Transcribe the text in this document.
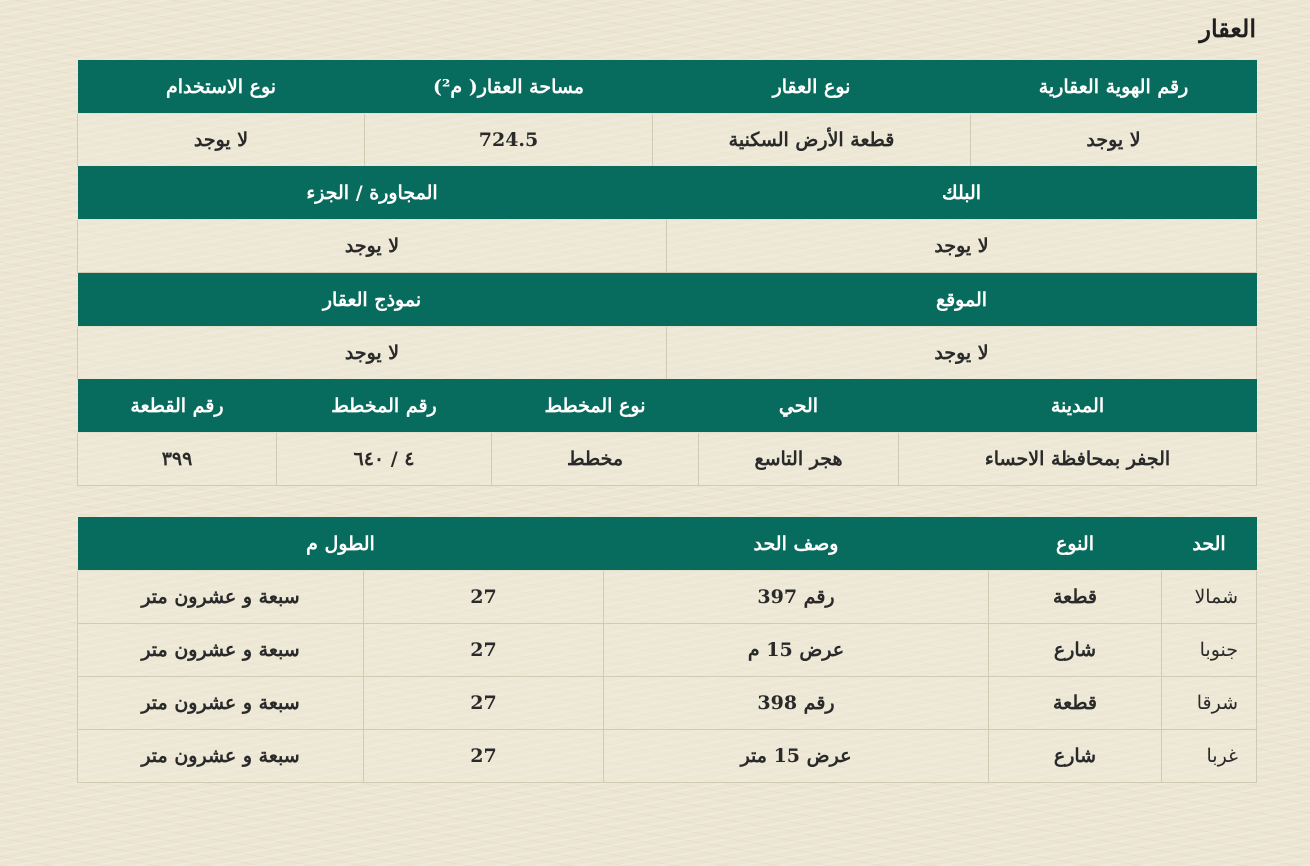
العقار
رقم الهوية العقارية	نوع العقار	مساحة العقار( م²)	نوع الاستخدام
لا يوجد	قطعة الأرض السكنية	724.5	لا يوجد
البلك	المجاورة / الجزء
لا يوجد	لا يوجد
الموقع	نموذج العقار
لا يوجد	لا يوجد
المدينة	الحي	نوع المخطط	رقم المخطط	رقم القطعة
الجفر بمحافظة الاحساء	هجر التاسع	مخطط	٤ / ٦٤٠	٣٩٩
الحد	النوع	وصف الحد	الطول م	
شمالا	قطعة	رقم 397	27	سبعة و عشرون متر
جنوبا	شارع	عرض 15 م	27	سبعة و عشرون متر
شرقا	قطعة	رقم 398	27	سبعة و عشرون متر
غربا	شارع	عرض 15 متر	27	سبعة و عشرون متر
